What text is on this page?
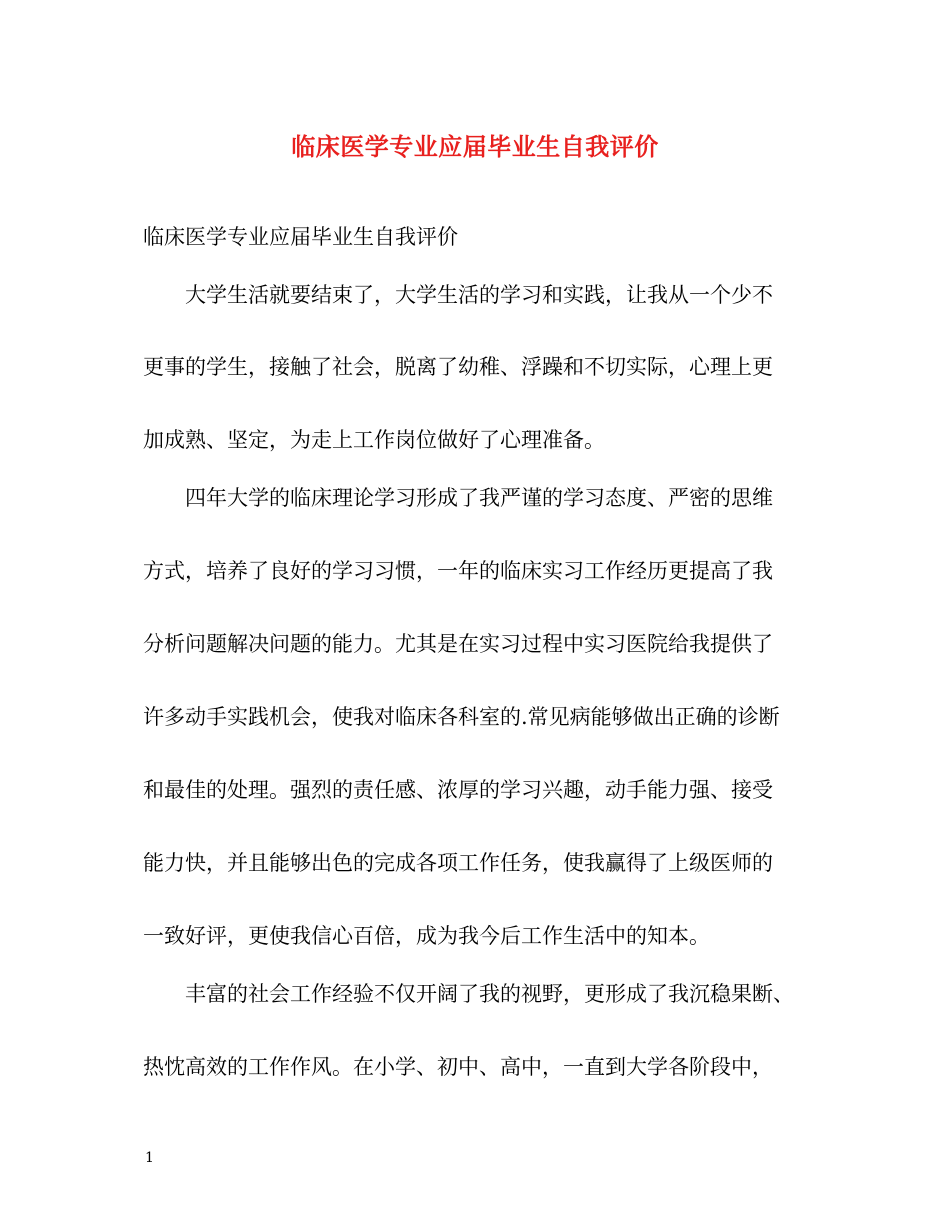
临床医学专业应届毕业生自我评价
临床医学专业应届毕业生自我评价
大学生活就要结束了，大学生活的学习和实践，让我从一个少不
更事的学生，接触了社会，脱离了幼稚、浮躁和不切实际，心理上更
加成熟、坚定，为走上工作岗位做好了心理准备。
四年大学的临床理论学习形成了我严谨的学习态度、严密的思维
方式，培养了良好的学习习惯，一年的临床实习工作经历更提高了我
分析问题解决问题的能力。尤其是在实习过程中实习医院给我提供了
许多动手实践机会，使我对临床各科室的.常见病能够做出正确的诊断
和最佳的处理。强烈的责任感、浓厚的学习兴趣，动手能力强、接受
能力快，并且能够出色的完成各项工作任务，使我赢得了上级医师的
一致好评，更使我信心百倍，成为我今后工作生活中的知本。
丰富的社会工作经验不仅开阔了我的视野，更形成了我沉稳果断、
热忱高效的工作作风。在小学、初中、高中，一直到大学各阶段中，
1
